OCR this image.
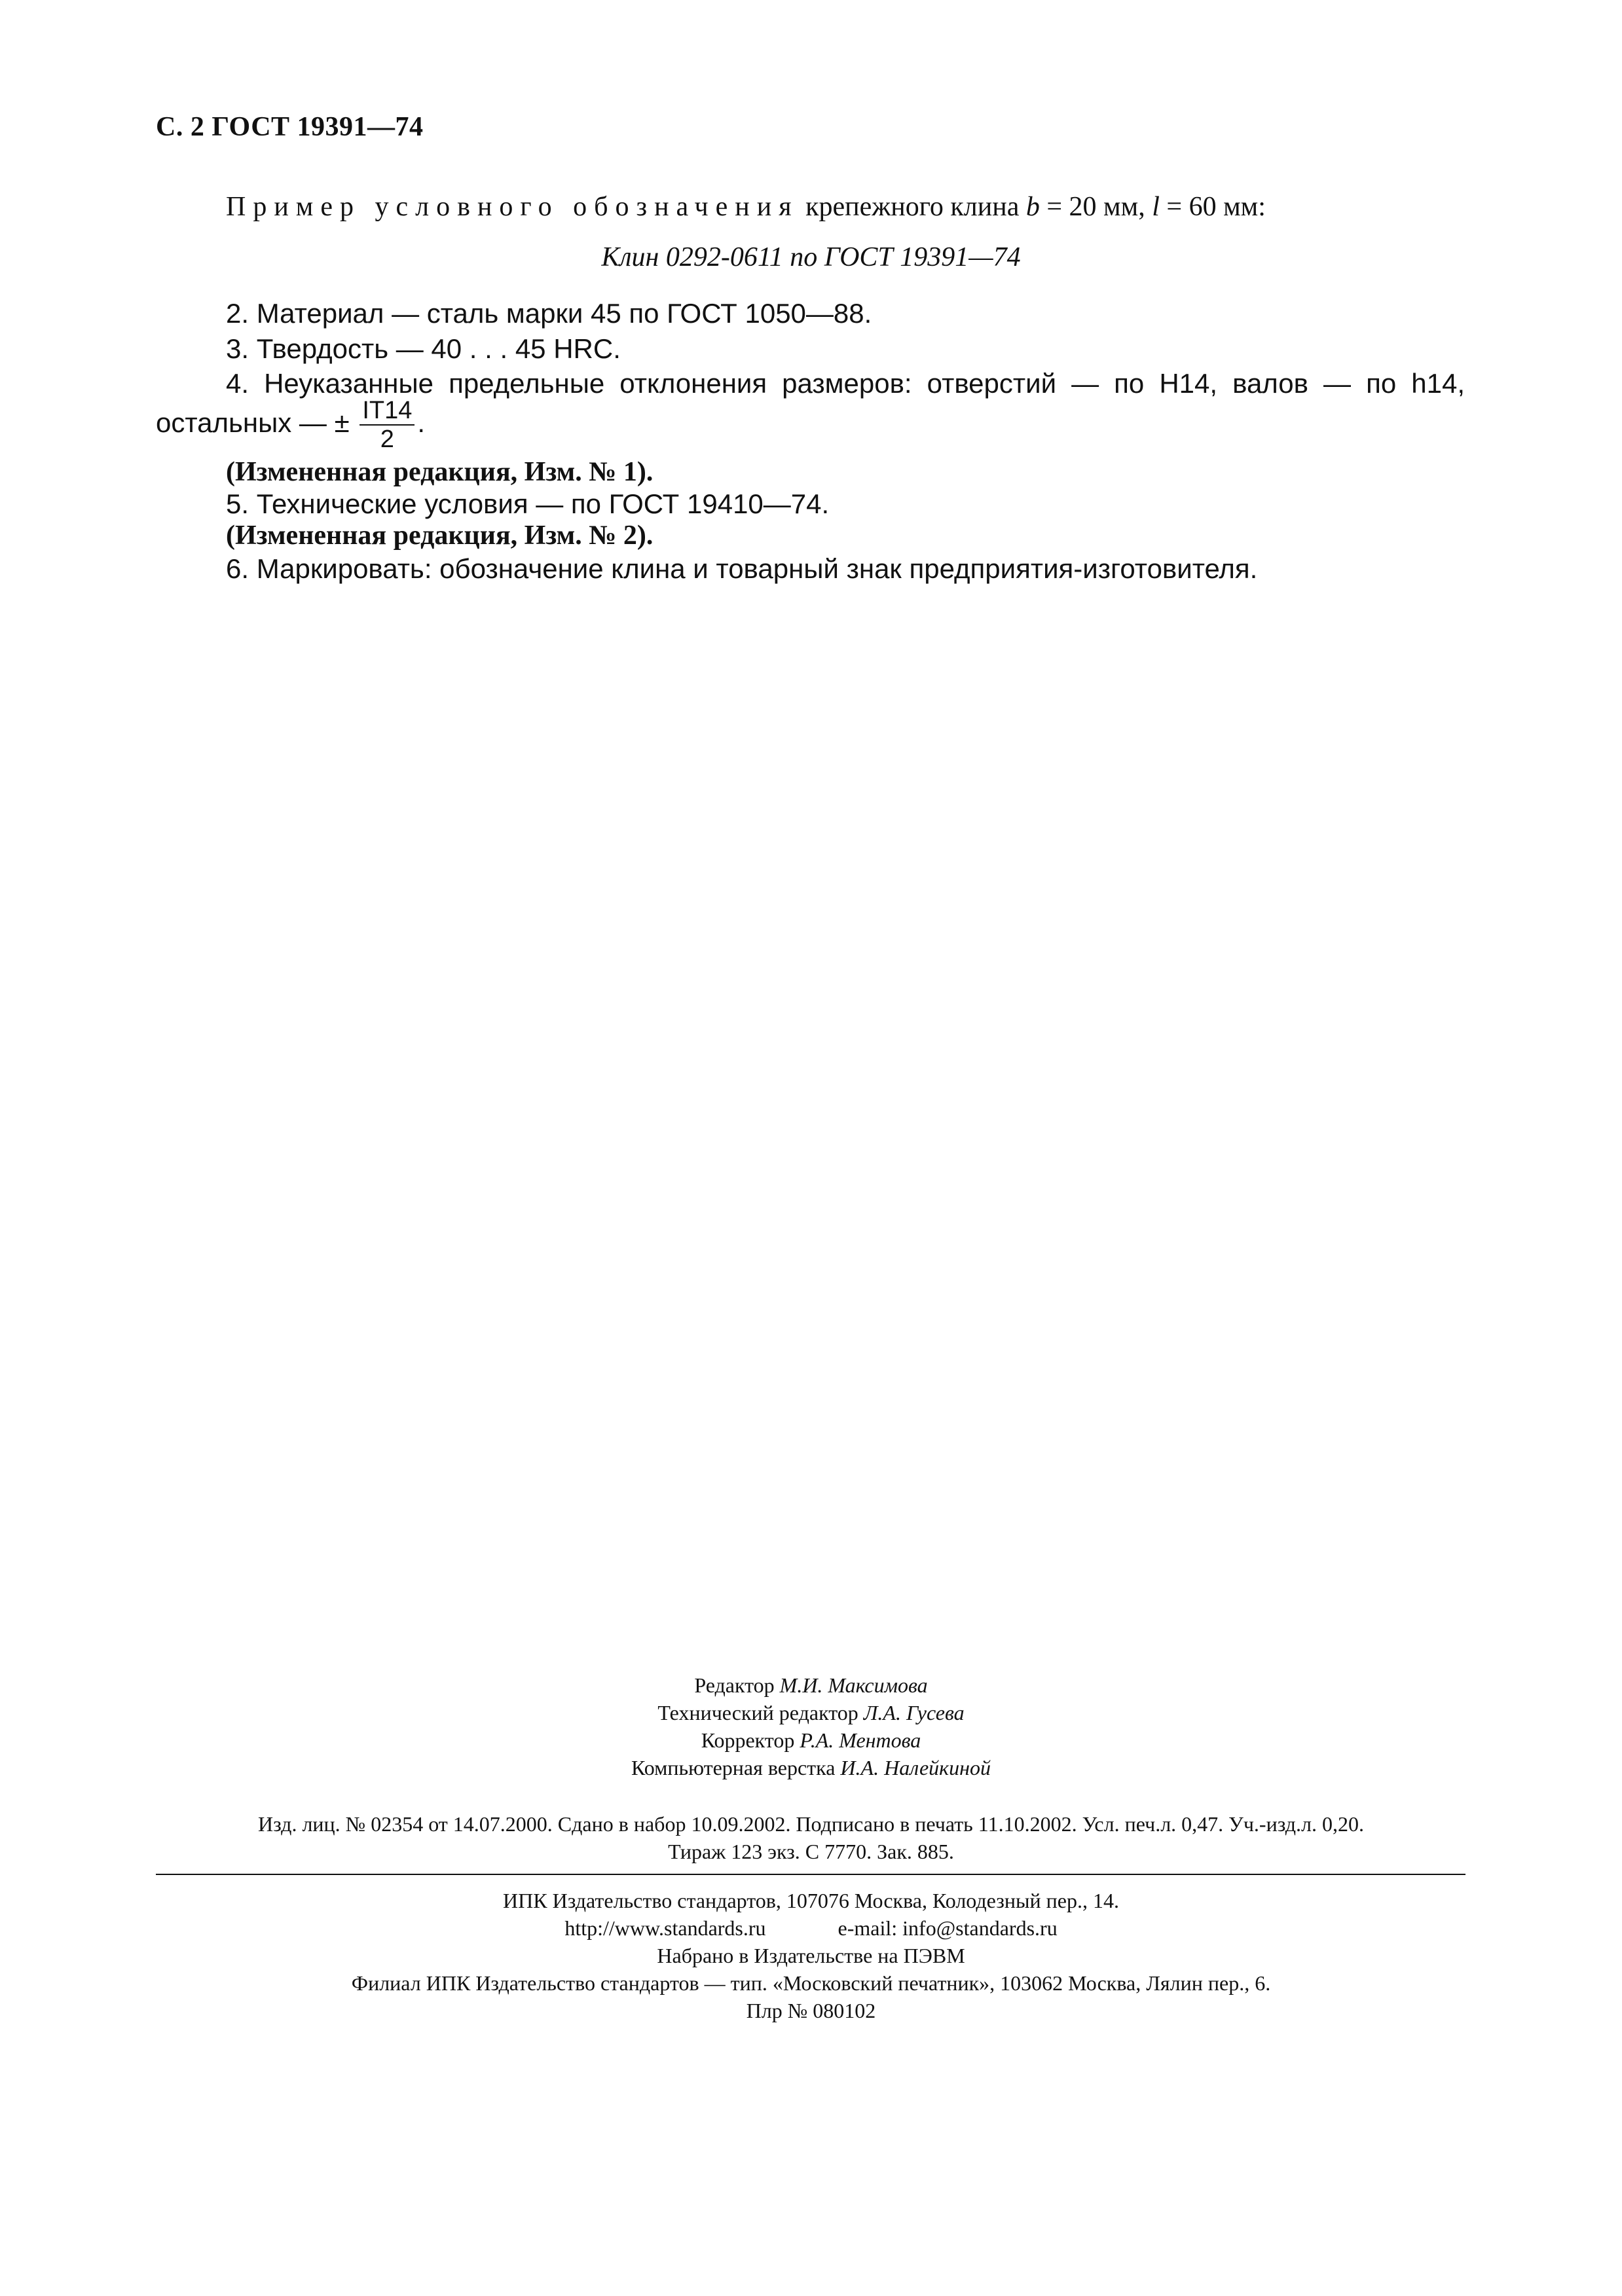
С. 2 ГОСТ 19391—74
Пример условного обозначения крепежного клина b = 20 мм, l = 60 мм:
Клин 0292-0611 по ГОСТ 19391—74
2. Материал — сталь марки 45 по ГОСТ 1050—88.
3. Твердость — 40 . . . 45 HRC.
4. Неуказанные предельные отклонения размеров: отверстий — по Н14, валов — по h14,
остальных — ± $\frac{IT14}{2}$ .
(Измененная редакция, Изм. № 1).
5. Технические условия — по ГОСТ 19410—74.
(Измененная редакция, Изм. № 2).
6. Маркировать: обозначение клина и товарный знак предприятия-изготовителя.
Редактор М.И. Максимова
Технический редактор Л.А. Гусева
Корректор Р.А. Ментова
Компьютерная верстка И.А. Налейкиной
Изд. лиц. № 02354 от 14.07.2000. Сдано в набор 10.09.2002. Подписано в печать 11.10.2002. Усл. печ.л. 0,47. Уч.-изд.л. 0,20.
Тираж 123 экз. С 7770. Зак. 885.
ИПК Издательство стандартов, 107076 Москва, Колодезный пер., 14.
http://www.standards.ru	e-mail: info@standards.ru
Набрано в Издательстве на ПЭВМ
Филиал ИПК Издательство стандартов — тип. «Московский печатник», 103062 Москва, Лялин пер., 6.
Плр № 080102
